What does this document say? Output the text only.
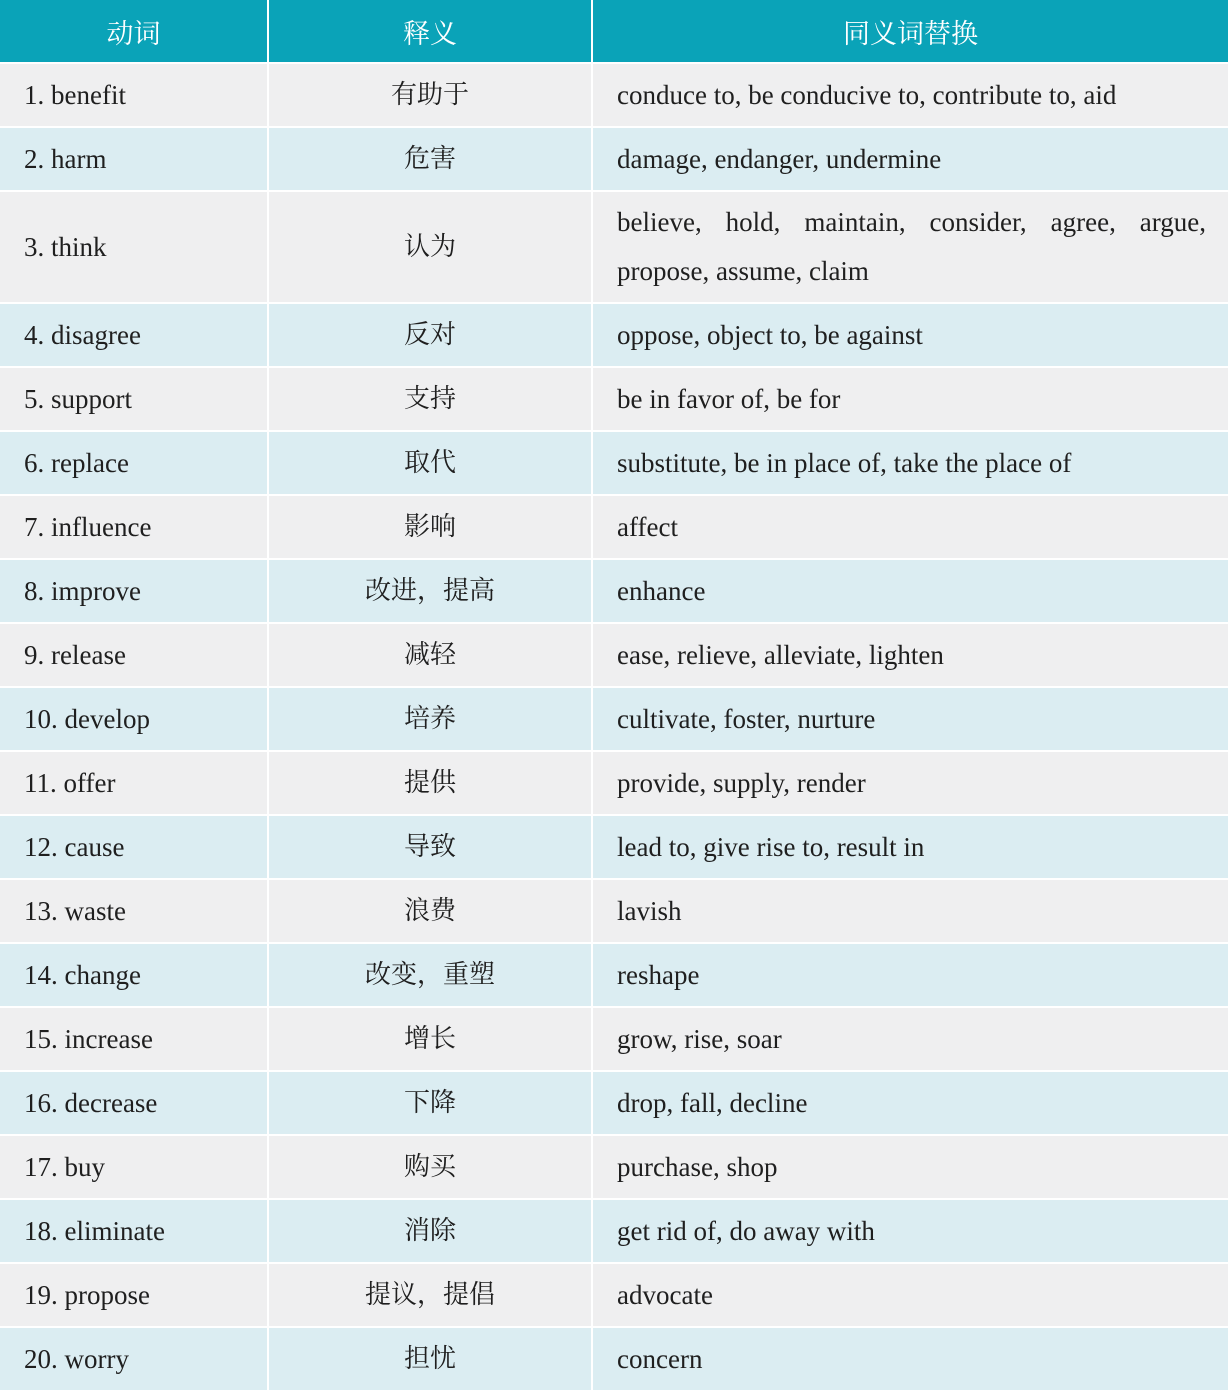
动词	释义	同义词替换
1. benefit	有助于	conduce to, be conducive to, contribute to, aid
2. harm	危害	damage, endanger, undermine
3. think	认为	believe, hold, maintain, consider, agree, argue, propose, assume, claim
4. disagree	反对	oppose, object to, be against
5. support	支持	be in favor of, be for
6. replace	取代	substitute, be in place of, take the place of
7. influence	影响	affect
8. improve	改进，提高	enhance
9. release	减轻	ease, relieve, alleviate, lighten
10. develop	培养	cultivate, foster, nurture
11. offer	提供	provide, supply, render
12. cause	导致	lead to, give rise to, result in
13. waste	浪费	lavish
14. change	改变，重塑	reshape
15. increase	增长	grow, rise, soar
16. decrease	下降	drop, fall, decline
17. buy	购买	purchase, shop
18. eliminate	消除	get rid of, do away with
19. propose	提议，提倡	advocate
20. worry	担忧	concern
